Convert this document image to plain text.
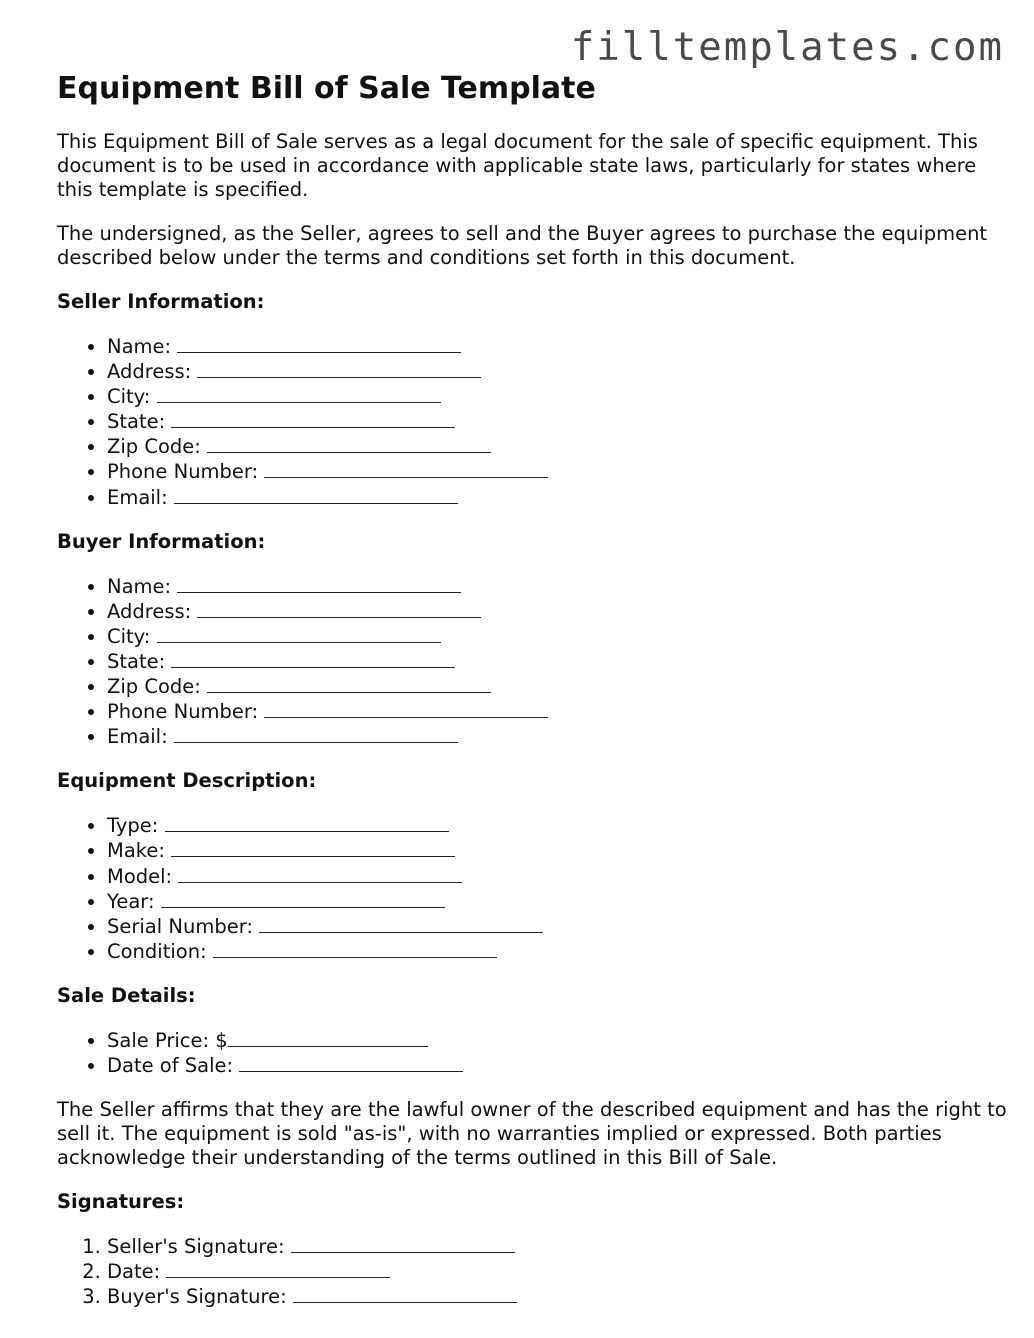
filltemplates.com
Equipment Bill of Sale Template

This Equipment Bill of Sale serves as a legal document for the sale of specific equipment. This document is to be used in accordance with applicable state laws, particularly for states where this template is specified.

The undersigned, as the Seller, agrees to sell and the Buyer agrees to purchase the equipment described below under the terms and conditions set forth in this document.

Seller Information:
• Name:
• Address:
• City:
• State:
• Zip Code:
• Phone Number:
• Email:
Buyer Information:
• Name:
• Address:
• City:
• State:
• Zip Code:
• Phone Number:
• Email:
Equipment Description:
• Type:
• Make:
• Model:
• Year:
• Serial Number:
• Condition:
Sale Details:
• Sale Price: $
• Date of Sale:

The Seller affirms that they are the lawful owner of the described equipment and has the right to sell it. The equipment is sold "as-is", with no warranties implied or expressed. Both parties acknowledge their understanding of the terms outlined in this Bill of Sale.

Signatures:
1. Seller's Signature:
2. Date:
3. Buyer's Signature:
